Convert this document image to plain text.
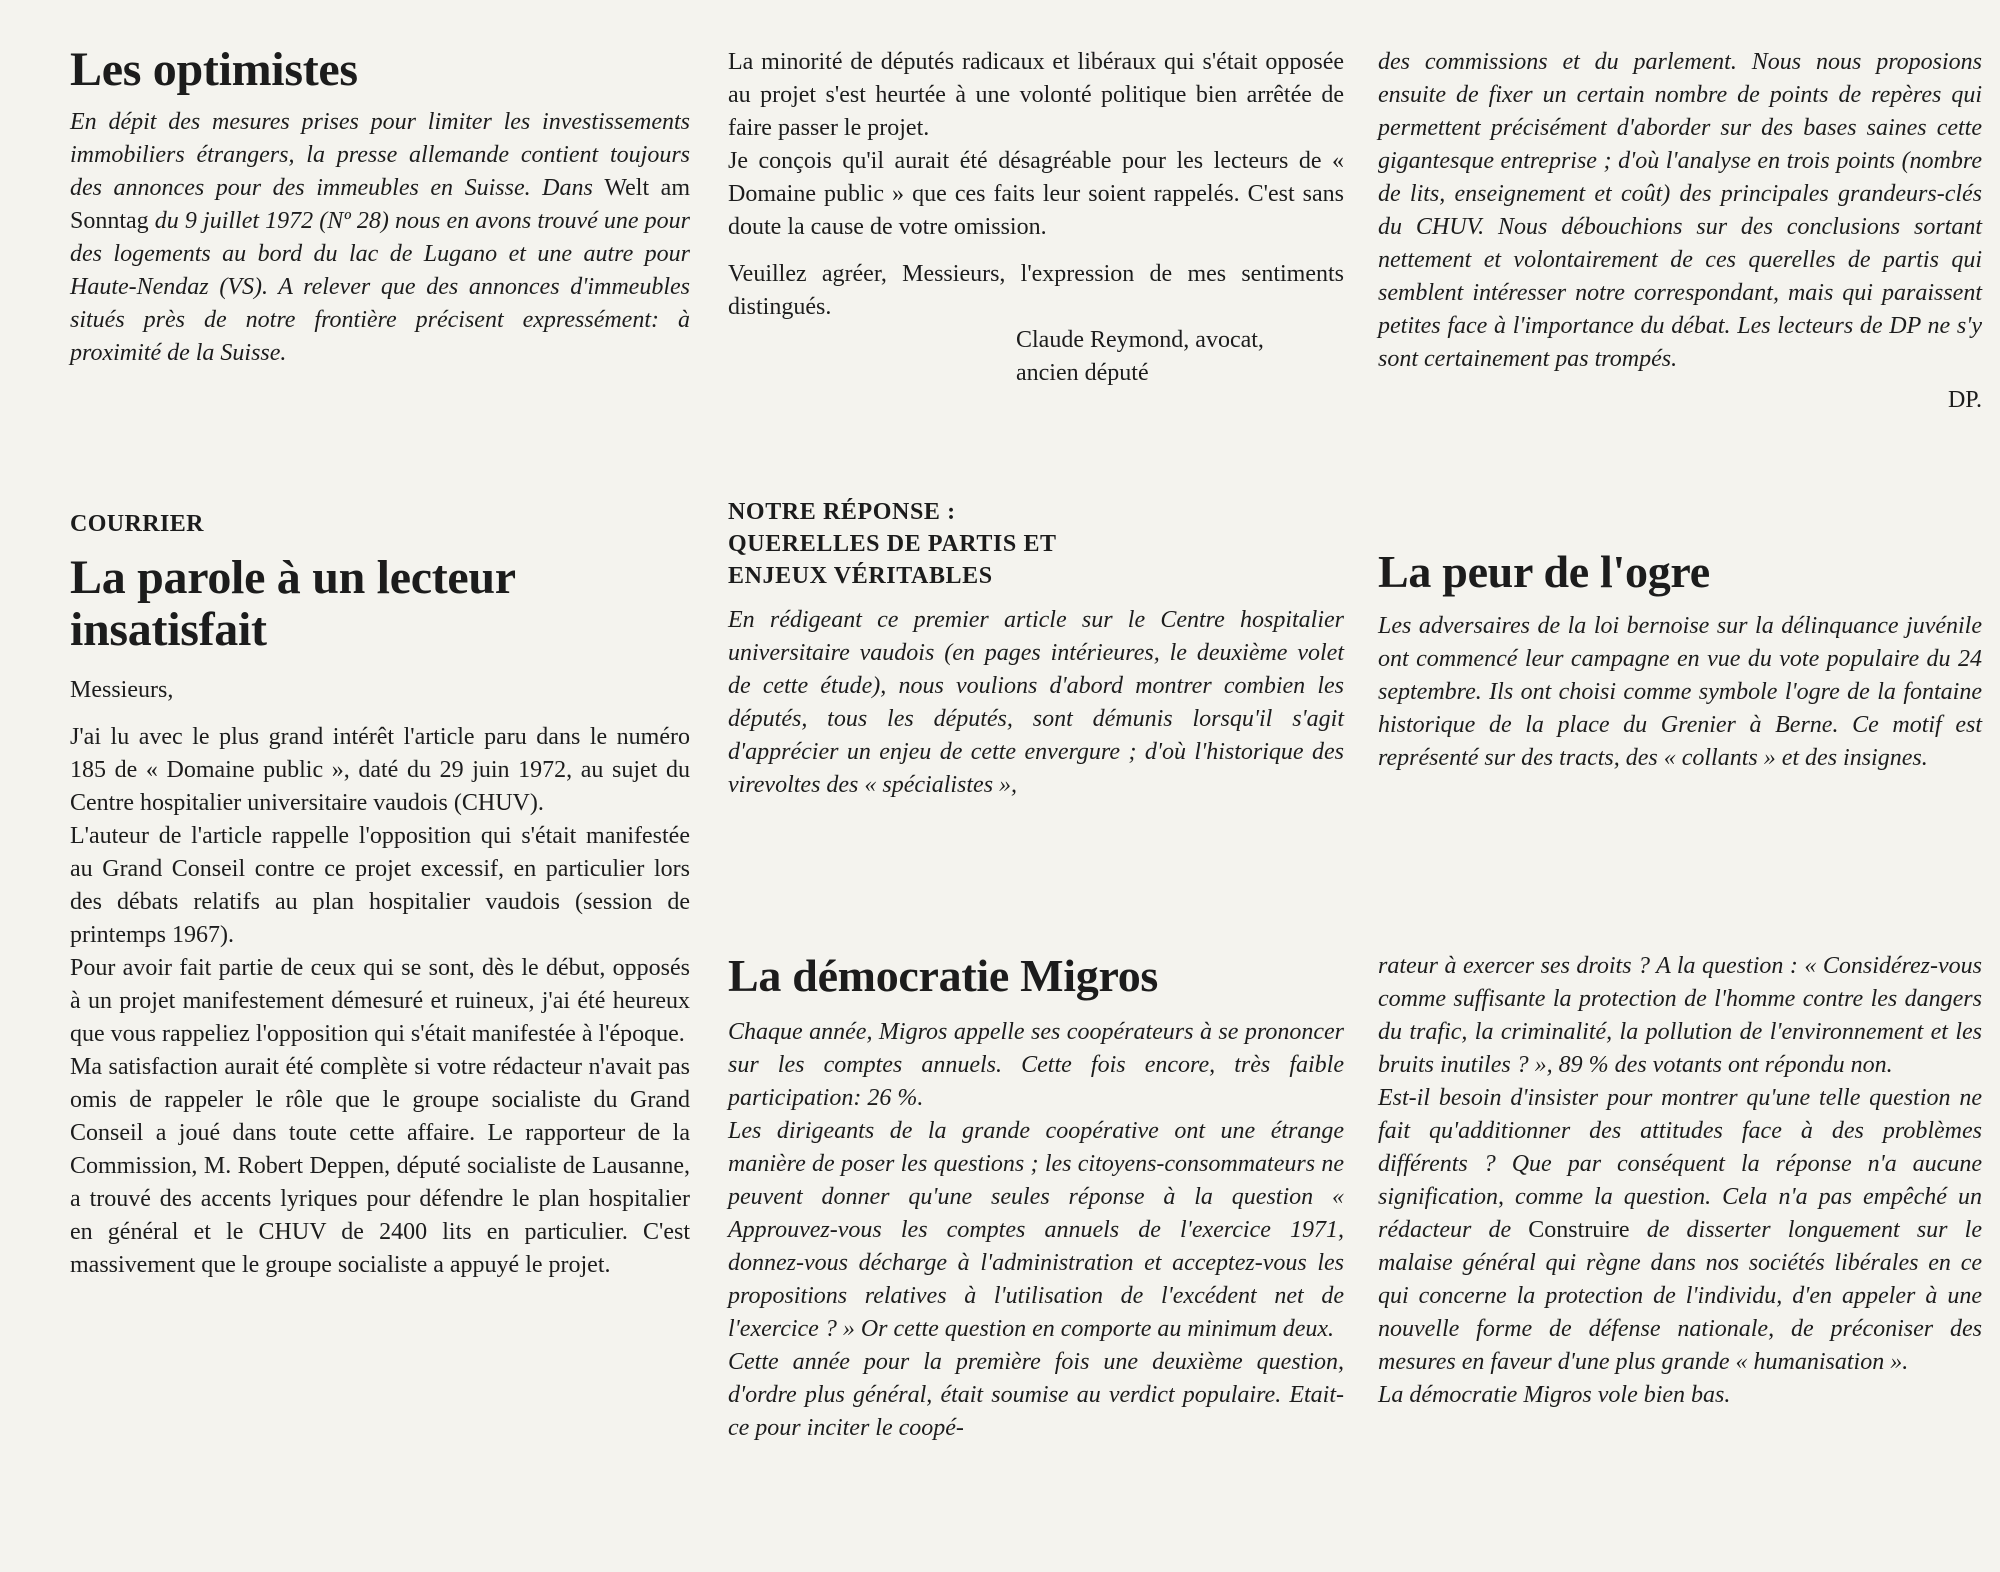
Les optimistes

En dépit des mesures prises pour limiter les investissements immobiliers étrangers, la presse allemande contient toujours des annonces pour des immeubles en Suisse. Dans Welt am Sonntag du 9 juillet 1972 (Nº 28) nous en avons trouvé une pour des logements au bord du lac de Lugano et une autre pour Haute-Nendaz (VS). A relever que des annonces d'immeubles situés près de notre frontière précisent expressément: à proximité de la Suisse.

COURRIER
La parole à un lecteur insatisfait

Messieurs,

J'ai lu avec le plus grand intérêt l'article paru dans le numéro 185 de « Domaine public », daté du 29 juin 1972, au sujet du Centre hospitalier universitaire vaudois (CHUV).

L'auteur de l'article rappelle l'opposition qui s'était manifestée au Grand Conseil contre ce projet excessif, en particulier lors des débats relatifs au plan hospitalier vaudois (session de printemps 1967).

Pour avoir fait partie de ceux qui se sont, dès le début, opposés à un projet manifestement démesuré et ruineux, j'ai été heureux que vous rappeliez l'opposition qui s'était manifestée à l'époque.

Ma satisfaction aurait été complète si votre rédacteur n'avait pas omis de rappeler le rôle que le groupe socialiste du Grand Conseil a joué dans toute cette affaire. Le rapporteur de la Commission, M. Robert Deppen, député socialiste de Lausanne, a trouvé des accents lyriques pour défendre le plan hospitalier en général et le CHUV de 2400 lits en particulier. C'est massivement que le groupe socialiste a appuyé le projet.

La minorité de députés radicaux et libéraux qui s'était opposée au projet s'est heurtée à une volonté politique bien arrêtée de faire passer le projet.

Je conçois qu'il aurait été désagréable pour les lecteurs de « Domaine public » que ces faits leur soient rappelés. C'est sans doute la cause de votre omission.

Veuillez agréer, Messieurs, l'expression de mes sentiments distingués.

Claude Reymond, avocat,
ancien député
NOTRE RÉPONSE :
QUERELLES DE PARTIS ET
ENJEUX VÉRITABLES

En rédigeant ce premier article sur le Centre hospitalier universitaire vaudois (en pages intérieures, le deuxième volet de cette étude), nous voulions d'abord montrer combien les députés, tous les députés, sont démunis lorsqu'il s'agit d'apprécier un enjeu de cette envergure ; d'où l'historique des virevoltes des « spécialistes »,

La démocratie Migros

Chaque année, Migros appelle ses coopérateurs à se prononcer sur les comptes annuels. Cette fois encore, très faible participation: 26 %.

Les dirigeants de la grande coopérative ont une étrange manière de poser les questions ; les citoyens-consommateurs ne peuvent donner qu'une seules réponse à la question « Approuvez-vous les comptes annuels de l'exercice 1971, donnez-vous décharge à l'administration et acceptez-vous les propositions relatives à l'utilisation de l'excédent net de l'exercice ? » Or cette question en comporte au minimum deux.

Cette année pour la première fois une deuxième question, d'ordre plus général, était soumise au verdict populaire. Etait-ce pour inciter le coopé-

des commissions et du parlement. Nous nous proposions ensuite de fixer un certain nombre de points de repères qui permettent précisément d'aborder sur des bases saines cette gigantesque entreprise ; d'où l'analyse en trois points (nombre de lits, enseignement et coût) des principales grandeurs-clés du CHUV. Nous débouchions sur des conclusions sortant nettement et volontairement de ces querelles de partis qui semblent intéresser notre correspondant, mais qui paraissent petites face à l'importance du débat. Les lecteurs de DP ne s'y sont certainement pas trompés.

DP.
La peur de l'ogre

Les adversaires de la loi bernoise sur la délinquance juvénile ont commencé leur campagne en vue du vote populaire du 24 septembre. Ils ont choisi comme symbole l'ogre de la fontaine historique de la place du Grenier à Berne. Ce motif est représenté sur des tracts, des « collants » et des insignes.

rateur à exercer ses droits ? A la question : « Considérez-vous comme suffisante la protection de l'homme contre les dangers du trafic, la criminalité, la pollution de l'environnement et les bruits inutiles ? », 89 % des votants ont répondu non.

Est-il besoin d'insister pour montrer qu'une telle question ne fait qu'additionner des attitudes face à des problèmes différents ? Que par conséquent la réponse n'a aucune signification, comme la question. Cela n'a pas empêché un rédacteur de Construire de disserter longuement sur le malaise général qui règne dans nos sociétés libérales en ce qui concerne la protection de l'individu, d'en appeler à une nouvelle forme de défense nationale, de préconiser des mesures en faveur d'une plus grande « humanisation ».

La démocratie Migros vole bien bas.
